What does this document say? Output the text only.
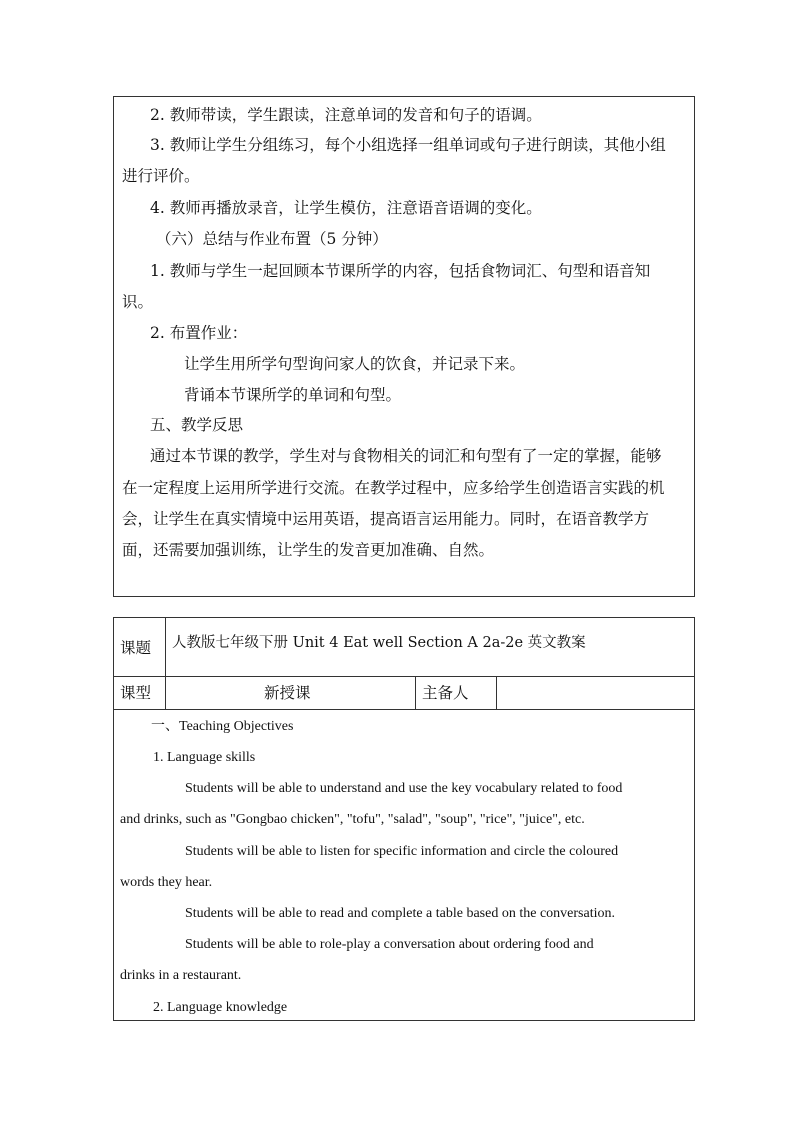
2. 教师带读，学生跟读，注意单词的发音和句子的语调。
3. 教师让学生分组练习，每个小组选择一组单词或句子进行朗读，其他小组
进行评价。
4. 教师再播放录音，让学生模仿，注意语音语调的变化。
（六）总结与作业布置（5 分钟）
1. 教师与学生一起回顾本节课所学的内容，包括食物词汇、句型和语音知
识。
2. 布置作业：
让学生用所学句型询问家人的饮食，并记录下来。
背诵本节课所学的单词和句型。
五、教学反思
通过本节课的教学，学生对与食物相关的词汇和句型有了一定的掌握，能够
在一定程度上运用所学进行交流。在教学过程中，应多给学生创造语言实践的机
会，让学生在真实情境中运用英语，提高语言运用能力。同时，在语音教学方
面，还需要加强训练，让学生的发音更加准确、自然。
课题 人教版七年级下册 Unit 4 Eat well Section A 2a-2e 英文教案
课型	新授课	主备人
一、Teaching Objectives
1. Language skills
Students will be able to understand and use the key vocabulary related to food
and drinks, such as "Gongbao chicken", "tofu", "salad", "soup", "rice", "juice", etc.
Students will be able to listen for specific information and circle the coloured
words they hear.
Students will be able to read and complete a table based on the conversation.
Students will be able to role-play a conversation about ordering food and
drinks in a restaurant.
2. Language knowledge
